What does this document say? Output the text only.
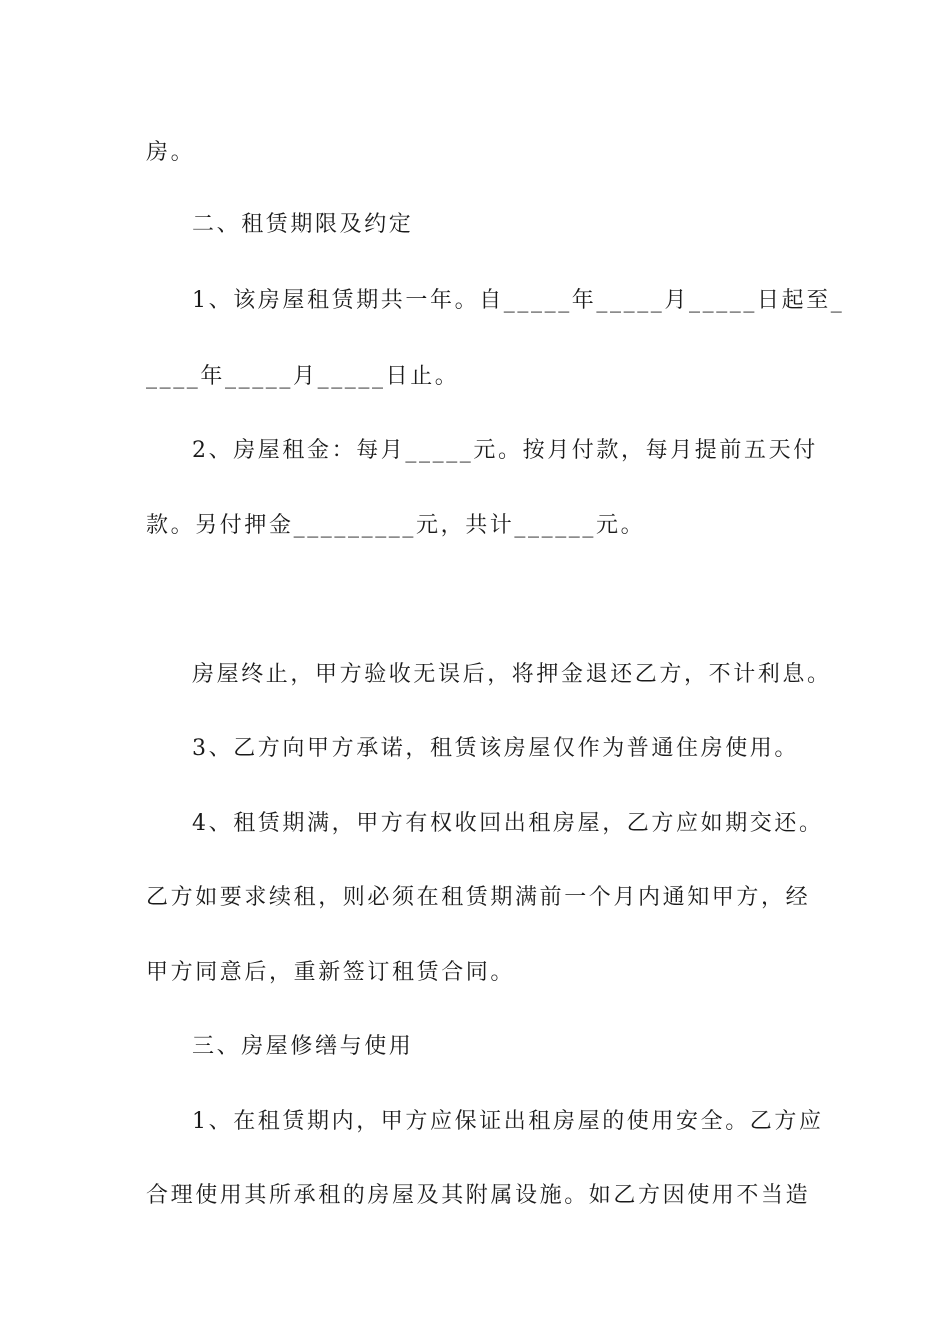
房。
二、租赁期限及约定
1、该房屋租赁期共一年。自_____年_____月_____日起至_
____年_____月_____日止。
2、房屋租金：每月_____元。按月付款，每月提前五天付
款。另付押金_________元，共计______元。
房屋终止，甲方验收无误后，将押金退还乙方，不计利息。
3、乙方向甲方承诺，租赁该房屋仅作为普通住房使用。
4、租赁期满，甲方有权收回出租房屋，乙方应如期交还。
乙方如要求续租，则必须在租赁期满前一个月内通知甲方，经
甲方同意后，重新签订租赁合同。
三、房屋修缮与使用
1、在租赁期内，甲方应保证出租房屋的使用安全。乙方应
合理使用其所承租的房屋及其附属设施。如乙方因使用不当造
